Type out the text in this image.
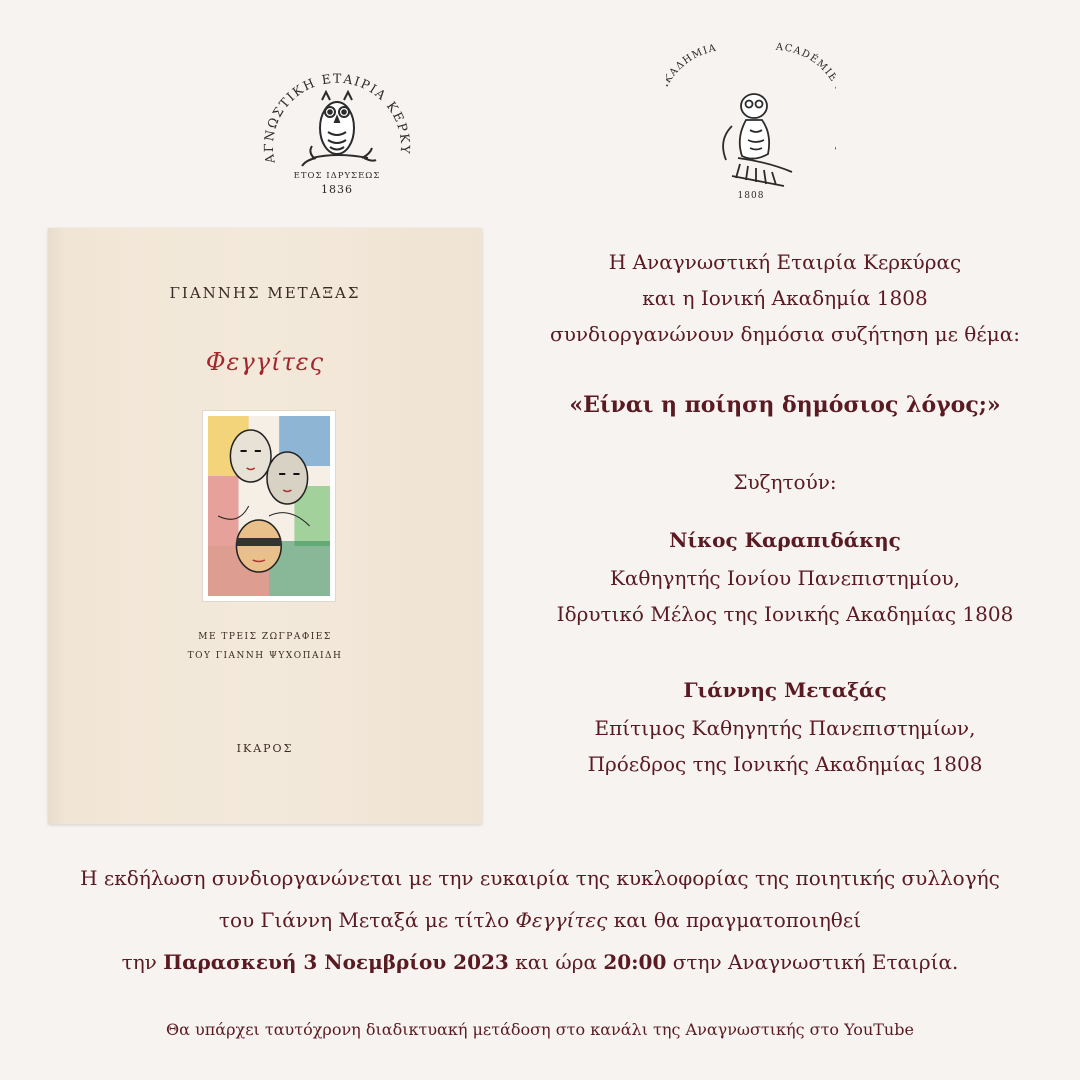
ΑΓΝΩΣΤΙΚΗ ΕΤΑΙΡΙΑ ΚΕΡΚΥ
ΕΤΟΣ ΙΔΡΥΣΕΩΣ
1836
ΑΔΗΜΙΑ	ACADÉMI
1808
ΓΙΑΝΝΗΣ ΜΕΤΑΞΑΣ
Φεγγίτες
ΜΕ ΤΡΕΙΣ ΖΩΓΡΑΦΙΕΣ
ΤΟΥ ΓΙΑΝΝΗ ΨΥΧΟΠΑΙΔΗ
ΙΚΑΡΟΣ
Η Αναγνωστική Εταιρία Κερκύρας
και η Ιονική Ακαδημία 1808
συνδιοργανώνουν δημόσια συζήτηση με θέμα:
«Είναι η ποίηση δημόσιος λόγος;»
Συζητούν:
Νίκος Καραπιδάκης
Καθηγητής Ιονίου Πανεπιστημίου,
Ιδρυτικό Μέλος της Ιονικής Ακαδημίας 1808
Γιάννης Μεταξάς
Επίτιμος Καθηγητής Πανεπιστημίων,
Πρόεδρος της Ιονικής Ακαδημίας 1808
Η εκδήλωση συνδιοργανώνεται με την ευκαιρία της κυκλοφορίας της ποιητικής συλλογής
του Γιάννη Μεταξά με τίτλο Φεγγίτες και θα πραγματοποιηθεί
την Παρασκευή 3 Νοεμβρίου 2023 και ώρα 20:00 στην Αναγνωστική Εταιρία.
Θα υπάρχει ταυτόχρονη διαδικτυακή μετάδοση στο κανάλι της Αναγνωστικής στο YouTube
